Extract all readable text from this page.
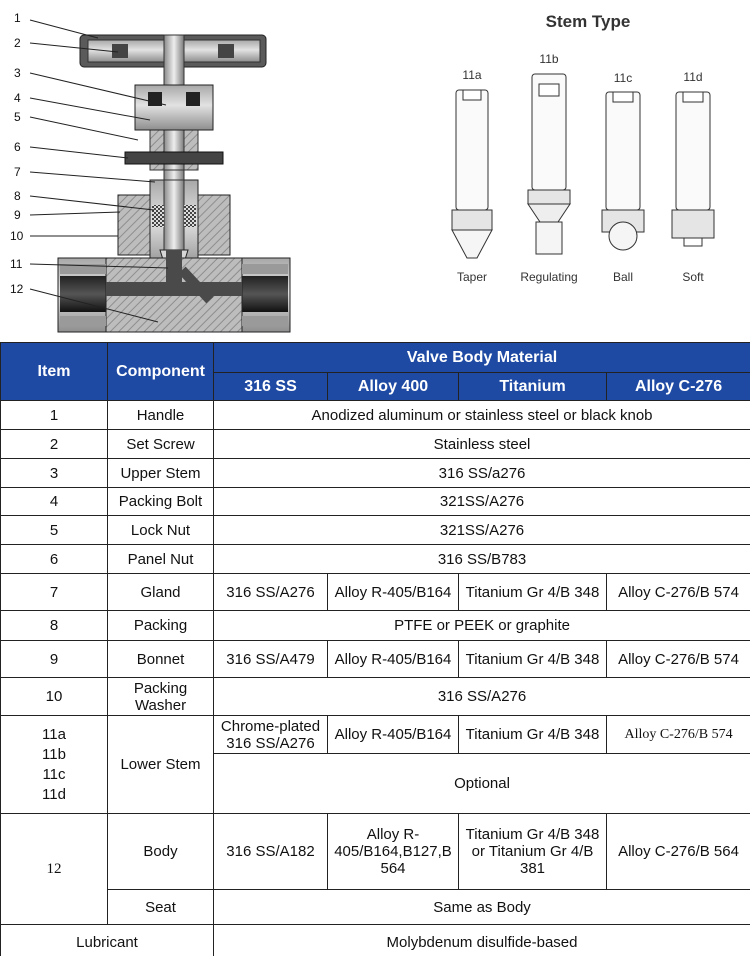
1
2
3
4
5
6
7
8
9
10
11
12
Stem Type
11a
Taper
11b
Regulating
11c
Ball
11d
Soft
Item	Component	Valve Body Material			
		316 SS	Alloy 400	Titanium	Alloy C-276
1	Handle	Anodized aluminum or stainless steel or black knob			
2	Set Screw	Stainless steel			
3	Upper Stem	316 SS/a276			
4	Packing Bolt	321SS/A276			
5	Lock Nut	321SS/A276			
6	Panel Nut	316 SS/B783			
7	Gland	316 SS/A276	Alloy R-405/B164	Titanium Gr 4/B 348	Alloy C-276/B 574
8	Packing	PTFE or PEEK or graphite			
9	Bonnet	316 SS/A479	Alloy R-405/B164	Titanium Gr 4/B 348	Alloy C-276/B 574
10	Packing Washer	316 SS/A276			

11a
11b
11c
11d	Lower Stem	Chrome-plated 316 SS/A276	Alloy R-405/B164	Titanium Gr 4/B 348	Alloy C-276/B 574
		Optional			
12	Body	316 SS/A182	Alloy R-405/B164,B127,B 564	Titanium Gr 4/B 348 or Titanium Gr 4/B 381	Alloy C-276/B 564
	Seat	Same as Body			
Lubricant		Molybdenum disulfide-based			
